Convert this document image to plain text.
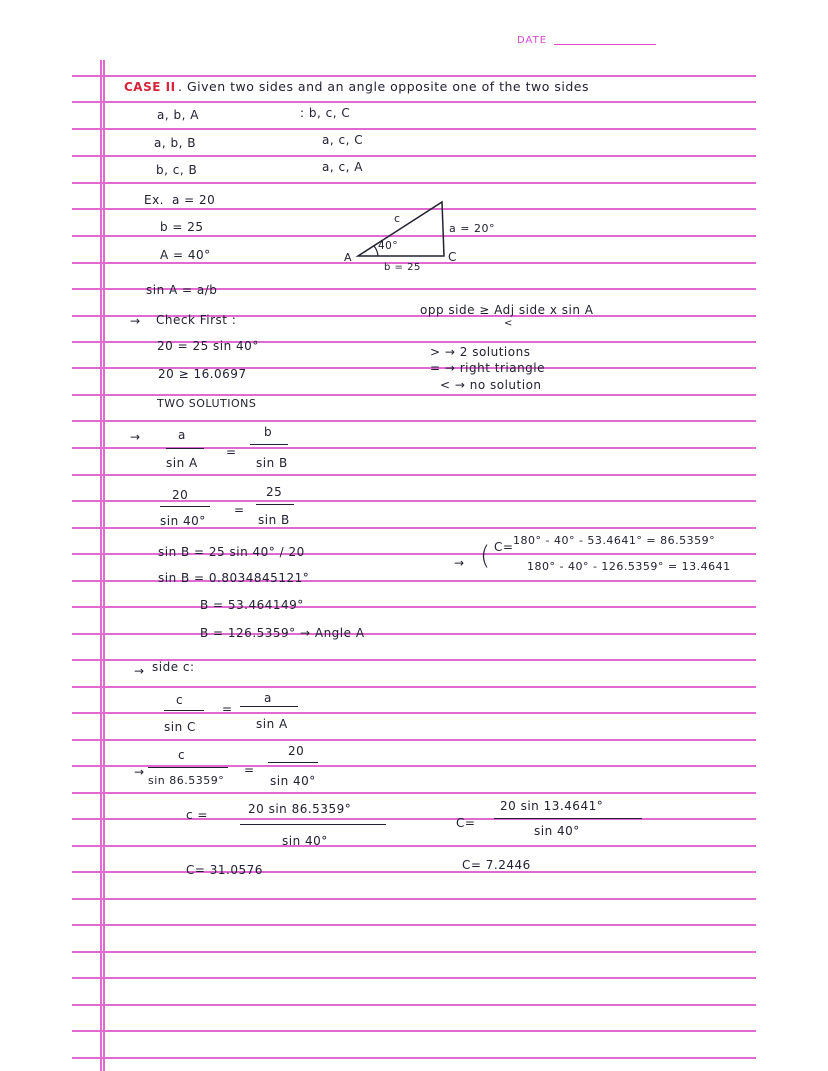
DATE
CASE II . Given two sides and an angle opposite one of the two sides
a, b, A	: b, c, C
a, b, B	a, c, C
b, c, B	a, c, A
Ex. a = 20
b = 25
A = 40°
c
a = 20°
40°
A	C
b = 25
sin A = a/b
→ Check First :
opp side ≥ Adj side x sin A
<
20 = 25 sin 40°	> → 2 solutions
20 ≥ 16.0697	= → right triangle
< → no solution
TWO SOLUTIONS
→	a
sin A
=
b
sin B
20
sin 40°
=
25
sin B
sin B = 25 sin 40° / 20
sin B = 0.8034845121°
B = 53.464149°
B = 126.5359° → Angle A
→ ( C= 180° - 40° - 53.4641° = 86.5359°
180° - 40° - 126.5359° = 13.4641
→ side c:
c
sin C
=
a
sin A
→
c
sin 86.5359°
=
20
sin 40°
c =	20 sin 86.5359°
sin 40°
C=
20 sin 13.4641°
sin 40°
C= 31.0576	C= 7.2446
